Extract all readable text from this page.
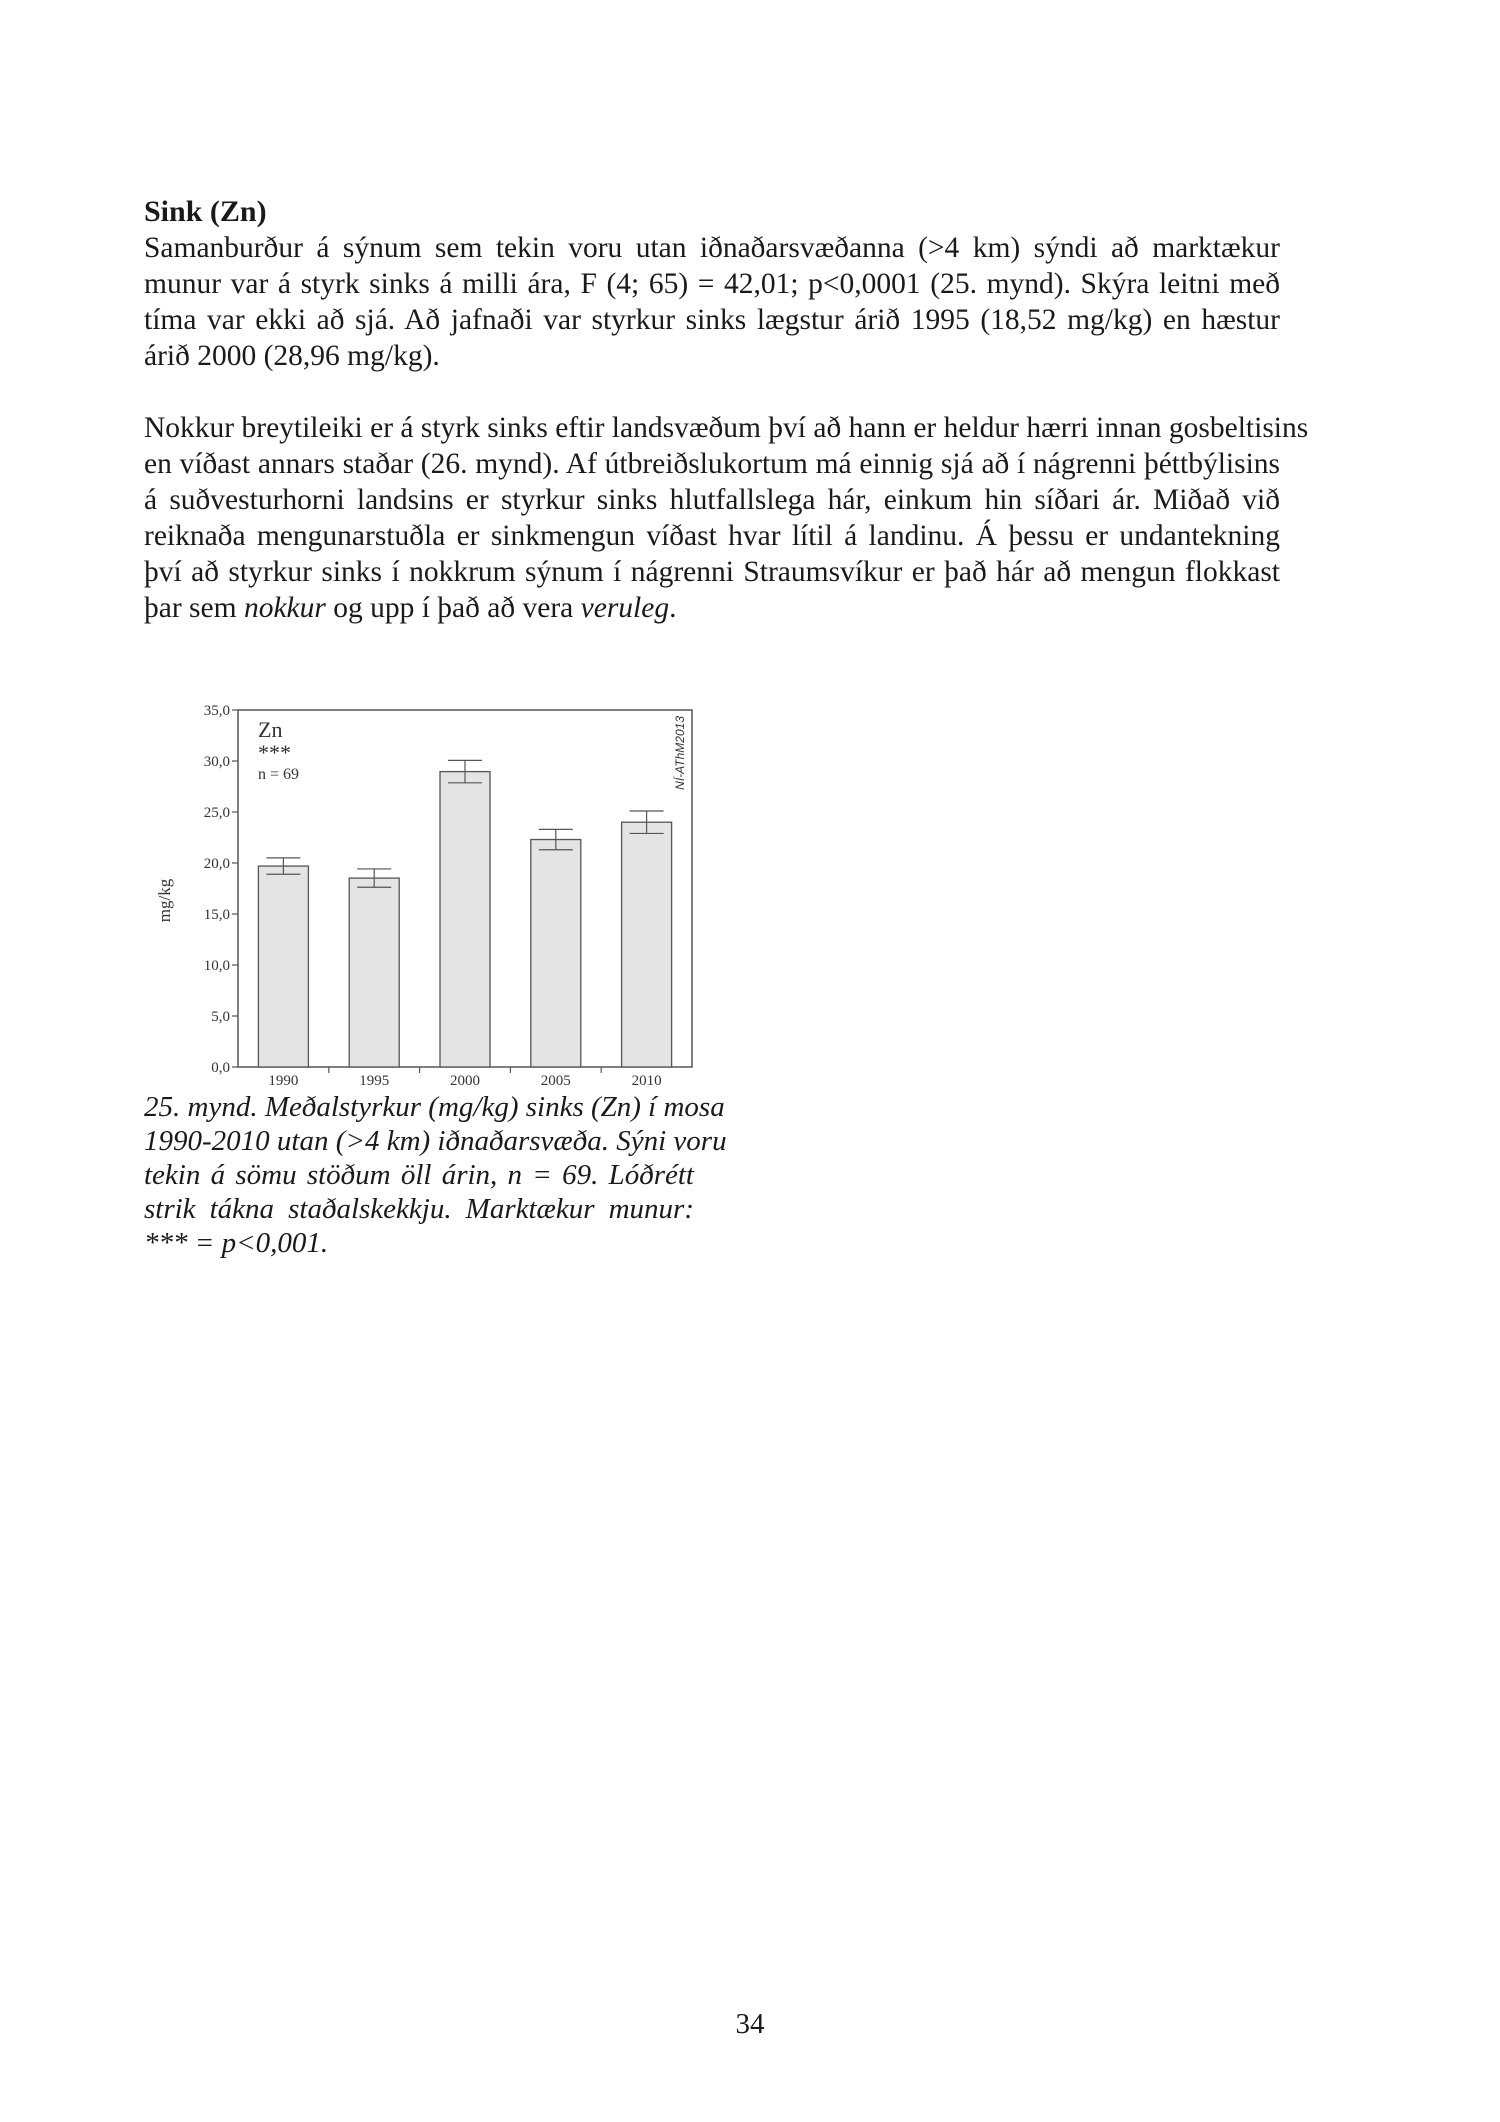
Sink (Zn)
Samanburður á sýnum sem tekin voru utan iðnaðarsvæðanna (>4 km) sýndi að marktækur
munur var á styrk sinks á milli ára, F (4; 65) = 42,01; p<0,0001 (25. mynd). Skýra leitni með
tíma var ekki að sjá. Að jafnaði var styrkur sinks lægstur árið 1995 (18,52 mg/kg) en hæstur
árið 2000 (28,96 mg/kg).
Nokkur breytileiki er á styrk sinks eftir landsvæðum því að hann er heldur hærri innan gosbeltisins
en víðast annars staðar (26. mynd). Af útbreiðslukortum má einnig sjá að í nágrenni þéttbýlisins
á suðvesturhorni landsins er styrkur sinks hlutfallslega hár, einkum hin síðari ár. Miðað við
reiknaða mengunarstuðla er sinkmengun víðast hvar lítil á landinu. Á þessu er undantekning
því að styrkur sinks í nokkrum sýnum í nágrenni Straumsvíkur er það hár að mengun flokkast
þar sem nokkur og upp í það að vera veruleg.
0,0
5,0
10,0
15,0
20,0
25,0
30,0
35,0
mg/kg
1990	1995	2000	2005	2010
Zn
***
n = 69	NÍ-AThM2013
25. mynd. Meðalstyrkur (mg/kg) sinks (Zn) í mosa
1990-2010 utan (>4 km) iðnaðarsvæða. Sýni voru
tekin á sömu stöðum öll árin, n = 69. Lóðrétt
strik tákna staðalskekkju. Marktækur munur:
*** = p<0,001.
34
